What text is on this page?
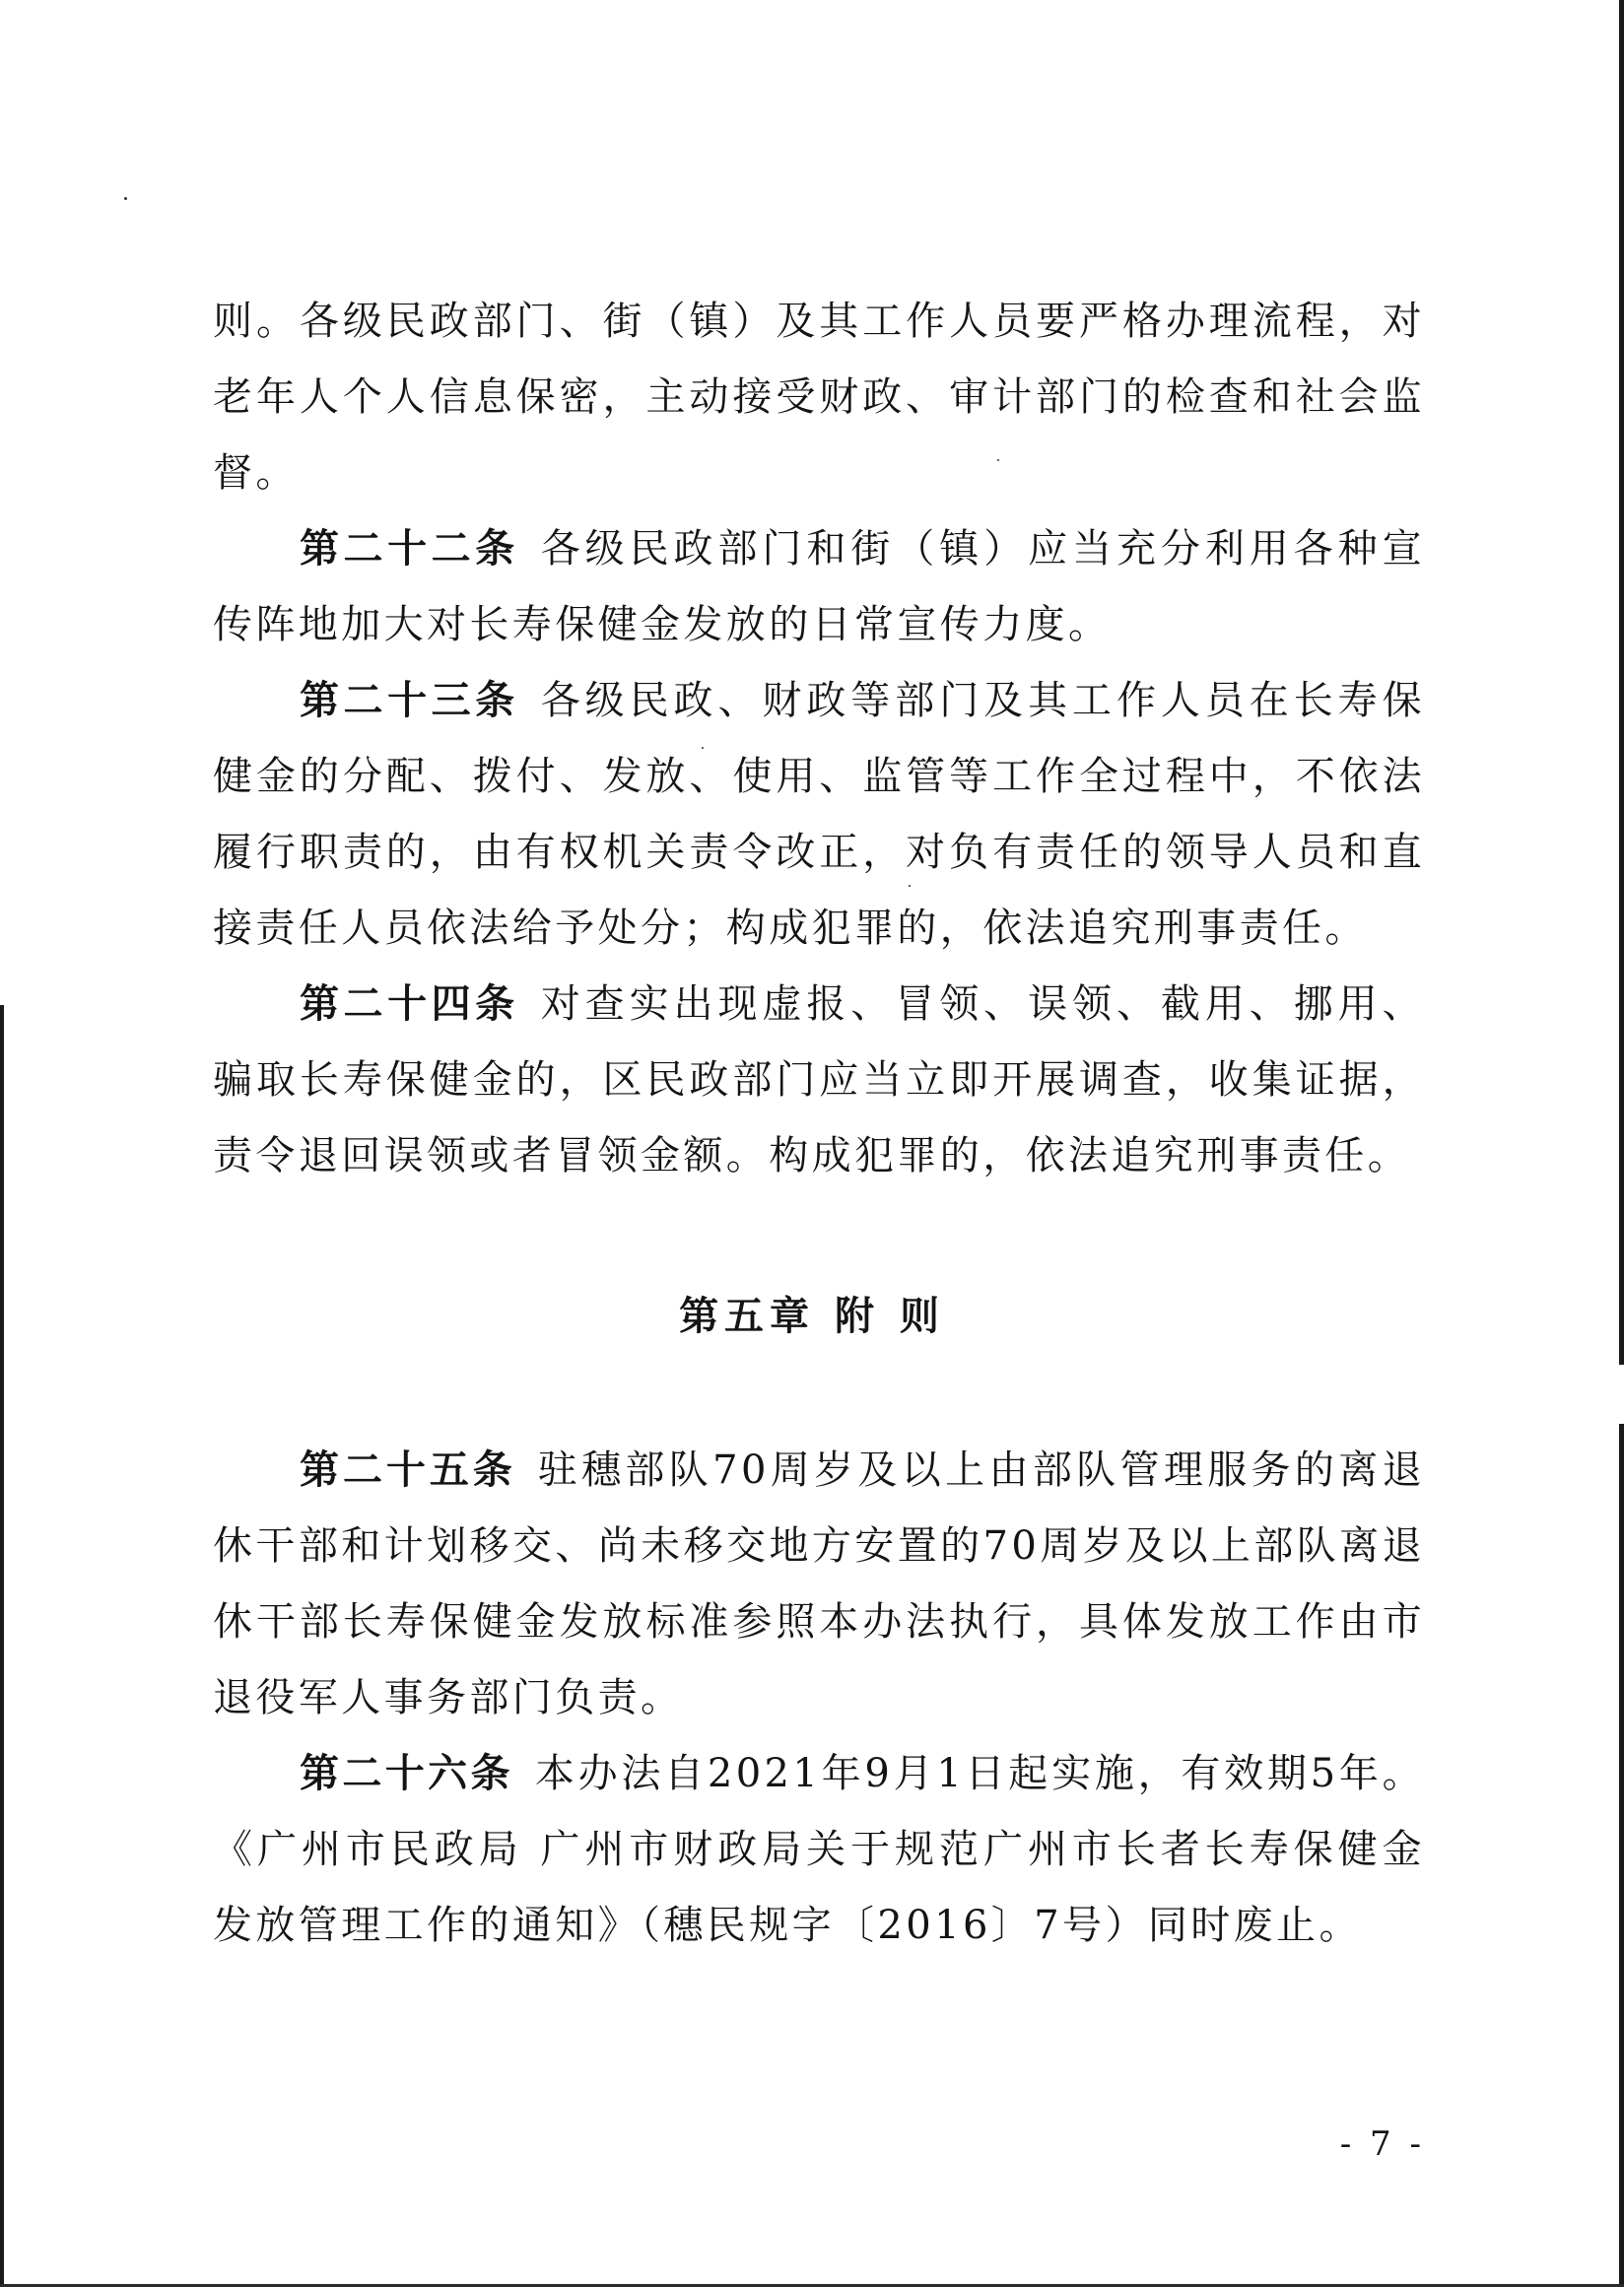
则。各级民政部门、街（镇）及其工作人员要严格办理流程，对老年人个人信息保密，主动接受财政、审计部门的检查和社会监督。

第二十二条 各级民政部门和街（镇）应当充分利用各种宣传阵地加大对长寿保健金发放的日常宣传力度。

第二十三条 各级民政、财政等部门及其工作人员在长寿保健金的分配、拨付、发放、使用、监管等工作全过程中，不依法履行职责的，由有权机关责令改正，对负有责任的领导人员和直接责任人员依法给予处分；构成犯罪的，依法追究刑事责任。

第二十四条 对查实出现虚报、冒领、误领、截用、挪用、骗取长寿保健金的，区民政部门应当立即开展调查，收集证据，责令退回误领或者冒领金额。构成犯罪的，依法追究刑事责任。

第五章 附 则

第二十五条 驻穗部队70周岁及以上由部队管理服务的离退休干部和计划移交、尚未移交地方安置的70周岁及以上部队离退休干部长寿保健金发放标准参照本办法执行，具体发放工作由市退役军人事务部门负责。

第二十六条 本办法自2021年9月1日起实施，有效期5年。《广州市民政局 广州市财政局关于规范广州市长者长寿保健金发放管理工作的通知》（穗民规字〔2016〕7号）同时废止。

- 7 -
